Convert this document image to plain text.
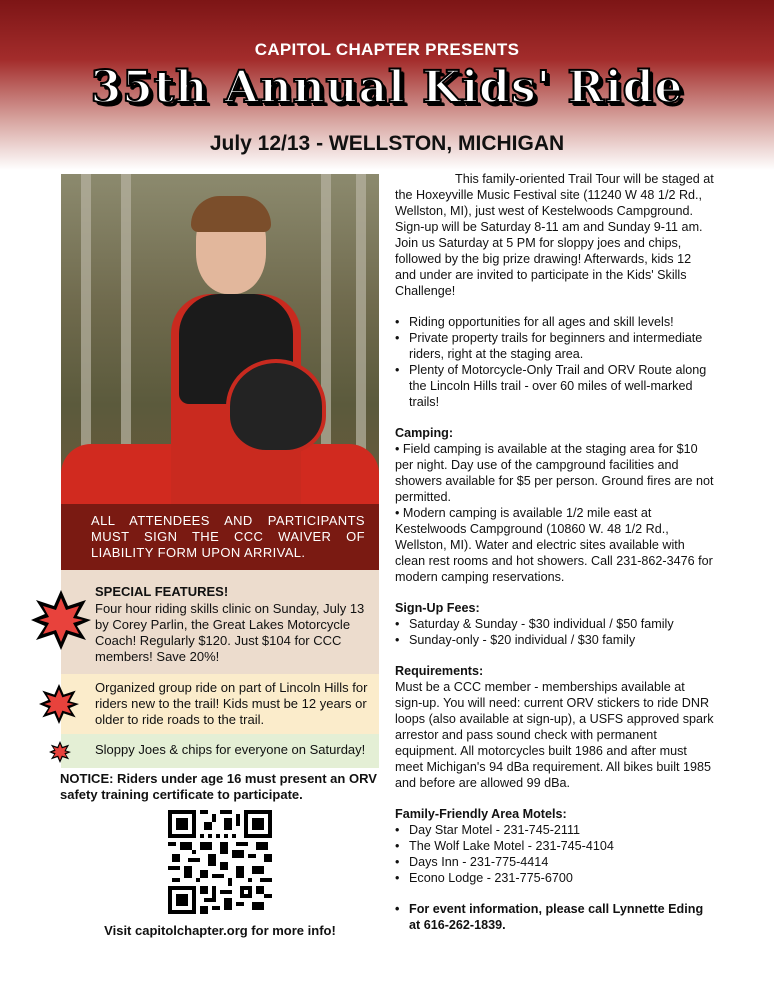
CAPITOL CHAPTER PRESENTS
35th Annual Kids' Ride
July 12/13 - WELLSTON, MICHIGAN
ALL ATTENDEES AND PARTICIPANTS MUST SIGN THE CCC WAIVER OF LIABILITY FORM UPON ARRIVAL.
SPECIAL FEATURES!
Four hour riding skills clinic on Sunday, July 13 by Corey Parlin, the Great Lakes Motorcycle Coach! Regularly $120. Just $104 for CCC members! Save 20%!
Organized group ride on part of Lincoln Hills for riders new to the trail! Kids must be 12 years or older to ride roads to the trail.
Sloppy Joes & chips for everyone on Saturday!
NOTICE: Riders under age 16 must present an ORV safety training certificate to participate.
Visit capitolchapter.org for more info!

This family-oriented Trail Tour will be staged at the Hoxeyville Music Festival site (11240 W 48 1/2 Rd., Wellston, MI), just west of Kestelwoods Campground. Sign-up will be Saturday 8-11 am and Sunday 9-11 am. Join us Saturday at 5 PM for sloppy joes and chips, followed by the big prize drawing! Afterwards, kids 12 and under are invited to participate in the Kids' Skills Challenge!

• Riding opportunities for all ages and skill levels!
• Private property trails for beginners and intermediate riders, right at the staging area.
• Plenty of Motorcycle-Only Trail and ORV Route along the Lincoln Hills trail - over 60 miles of well-marked trails!
Camping:

• Field camping is available at the staging area for $10 per night. Day use of the campground facilities and showers available for $5 per person. Ground fires are not permitted.

• Modern camping is available 1/2 mile east at Kestelwoods Campground (10860 W. 48 1/2 Rd., Wellston, MI). Water and electric sites available with clean rest rooms and hot showers. Call 231-862-3476 for modern camping reservations.

Sign-Up Fees:
• Saturday & Sunday - $30 individual / $50 family
• Sunday-only - $20 individual / $30 family
Requirements:

Must be a CCC member - memberships available at sign-up. You will need: current ORV stickers to ride DNR loops (also available at sign-up), a USFS approved spark arrestor and pass sound check with permanent equipment. All motorcycles built 1986 and after must meet Michigan's 94 dBa requirement. All bikes built 1985 and before are allowed 99 dBa.

Family-Friendly Area Motels:
• Day Star Motel - 231-745-2111
• The Wolf Lake Motel - 231-745-4104
• Days Inn - 231-775-4414
• Econo Lodge - 231-775-6700
• For event information, please call Lynnette Eding at 616-262-1839.
